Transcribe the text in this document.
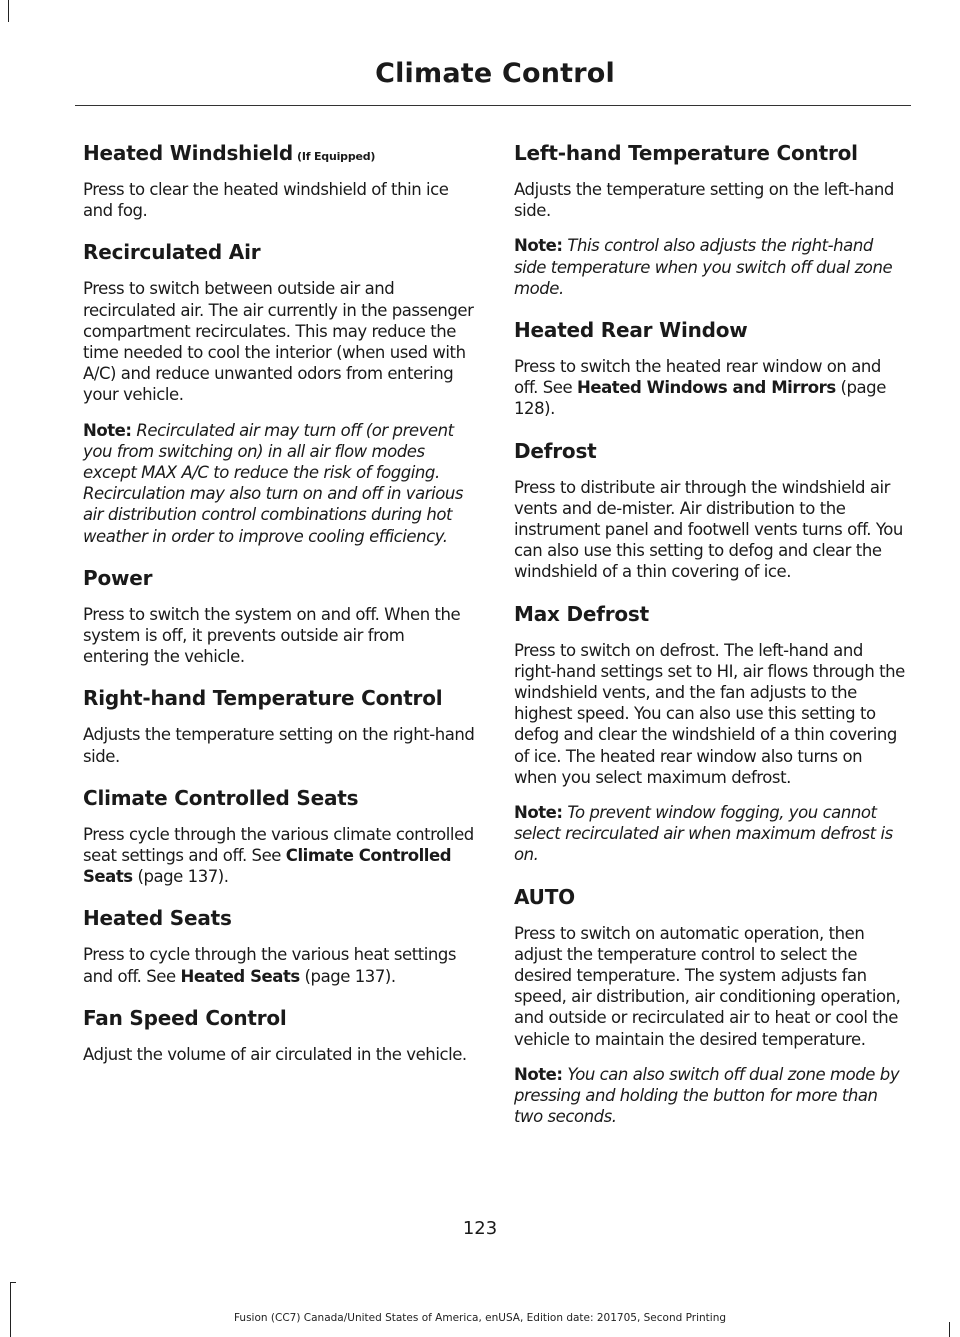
Climate Control
Heated Windshield (If Equipped)

Press to clear the heated windshield of thin ice and fog.

Recirculated Air

Press to switch between outside air and recirculated air. The air currently in the passenger compartment recirculates. This may reduce the time needed to cool the interior (when used with A/C) and reduce unwanted odors from entering your vehicle.

Note: Recirculated air may turn off (or prevent you from switching on) in all air flow modes except MAX A/C to reduce the risk of fogging. Recirculation may also turn on and off in various air distribution control combinations during hot weather in order to improve cooling efficiency.

Power

Press to switch the system on and off. When the system is off, it prevents outside air from entering the vehicle.

Right-hand Temperature Control

Adjusts the temperature setting on the right-hand side.

Climate Controlled Seats

Press cycle through the various climate controlled seat settings and off. See Climate Controlled Seats (page 137).

Heated Seats

Press to cycle through the various heat settings and off. See Heated Seats (page 137).

Fan Speed Control

Adjust the volume of air circulated in the vehicle.

Left-hand Temperature Control

Adjusts the temperature setting on the left-hand side.

Note: This control also adjusts the right-hand side temperature when you switch off dual zone mode.

Heated Rear Window

Press to switch the heated rear window on and off. See Heated Windows and Mirrors (page 128).

Defrost

Press to distribute air through the windshield air vents and de-mister. Air distribution to the instrument panel and footwell vents turns off. You can also use this setting to defog and clear the windshield of a thin covering of ice.

Max Defrost

Press to switch on defrost. The left-hand and right-hand settings set to HI, air flows through the windshield vents, and the fan adjusts to the highest speed. You can also use this setting to defog and clear the windshield of a thin covering of ice. The heated rear window also turns on when you select maximum defrost.

Note: To prevent window fogging, you cannot select recirculated air when maximum defrost is on.

AUTO

Press to switch on automatic operation, then adjust the temperature control to select the desired temperature. The system adjusts fan speed, air distribution, air conditioning operation, and outside or recirculated air to heat or cool the vehicle to maintain the desired temperature.

Note: You can also switch off dual zone mode by pressing and holding the button for more than two seconds.

123
Fusion (CC7) Canada/United States of America, enUSA, Edition date: 201705, Second Printing
